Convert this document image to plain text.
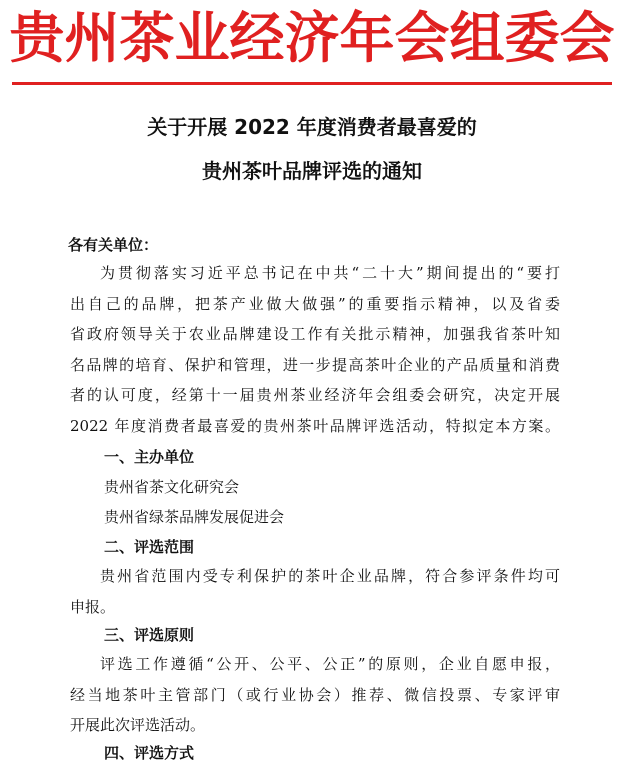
贵州茶业经济年会组委会
关于开展 2022 年度消费者最喜爱的
贵州茶叶品牌评选的通知
各有关单位：
为贯彻落实习近平总书记在中共“二十大”期间提出的“要打
出自己的品牌，把茶产业做大做强”的重要指示精神，以及省委
省政府领导关于农业品牌建设工作有关批示精神，加强我省茶叶知
名品牌的培育、保护和管理，进一步提高茶叶企业的产品质量和消费
者的认可度，经第十一届贵州茶业经济年会组委会研究，决定开展
2022 年度消费者最喜爱的贵州茶叶品牌评选活动，特拟定本方案。
一、主办单位
贵州省茶文化研究会
贵州省绿茶品牌发展促进会
二、评选范围
贵州省范围内受专利保护的茶叶企业品牌，符合参评条件均可
申报。
三、评选原则
评选工作遵循“公开、公平、公正”的原则，企业自愿申报，
经当地茶叶主管部门（或行业协会）推荐、微信投票、专家评审
开展此次评选活动。
四、评选方式
